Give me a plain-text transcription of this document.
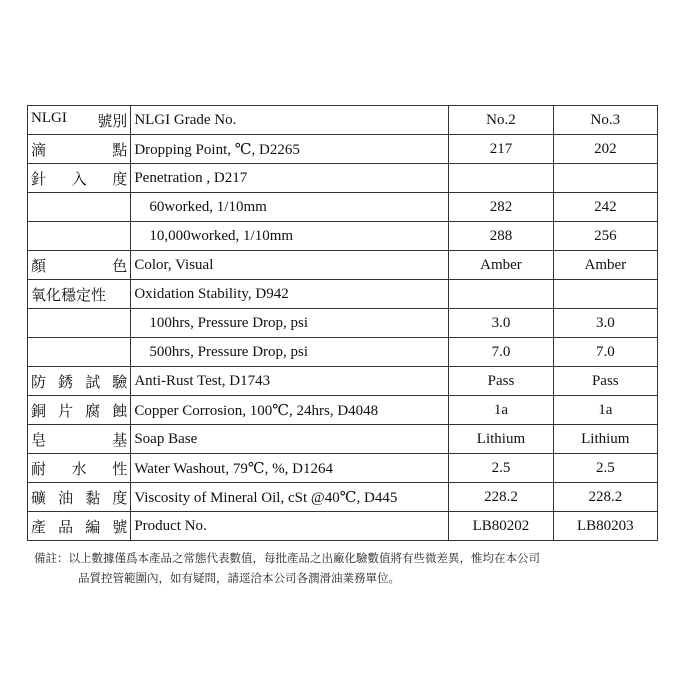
NLGI 號別	NLGI Grade No.	No.2	No.3

滴 點	Dropping Point, ℃, D2265	217	202

針 入 度	Penetration , D217		

	60worked, 1/10mm	282	242

	10,000worked, 1/10mm	288	256

顏 色	Color, Visual	Amber	Amber

氧化穩定性	Oxidation Stability, D942		

	100hrs, Pressure Drop, psi	3.0	3.0

	500hrs, Pressure Drop, psi	7.0	7.0

防 銹 試 驗	Anti-Rust Test, D1743	Pass	Pass

銅 片 腐 蝕	Copper Corrosion, 100℃, 24hrs, D4048	1a	1a

皂 基	Soap Base	Lithium	Lithium

耐 水 性	Water Washout, 79℃, %, D1264	2.5	2.5

礦 油 黏 度	Viscosity of Mineral Oil, cSt @40℃, D445	228.2	228.2

產 品 編 號	Product No.	LB80202	LB80203
備註：以上數據僅爲本產品之常態代表數值，每批產品之出廠化驗數值將有些微差異，惟均在本公司
品質控管範圍內，如有疑問，請逕洽本公司各潤滑油業務單位。
